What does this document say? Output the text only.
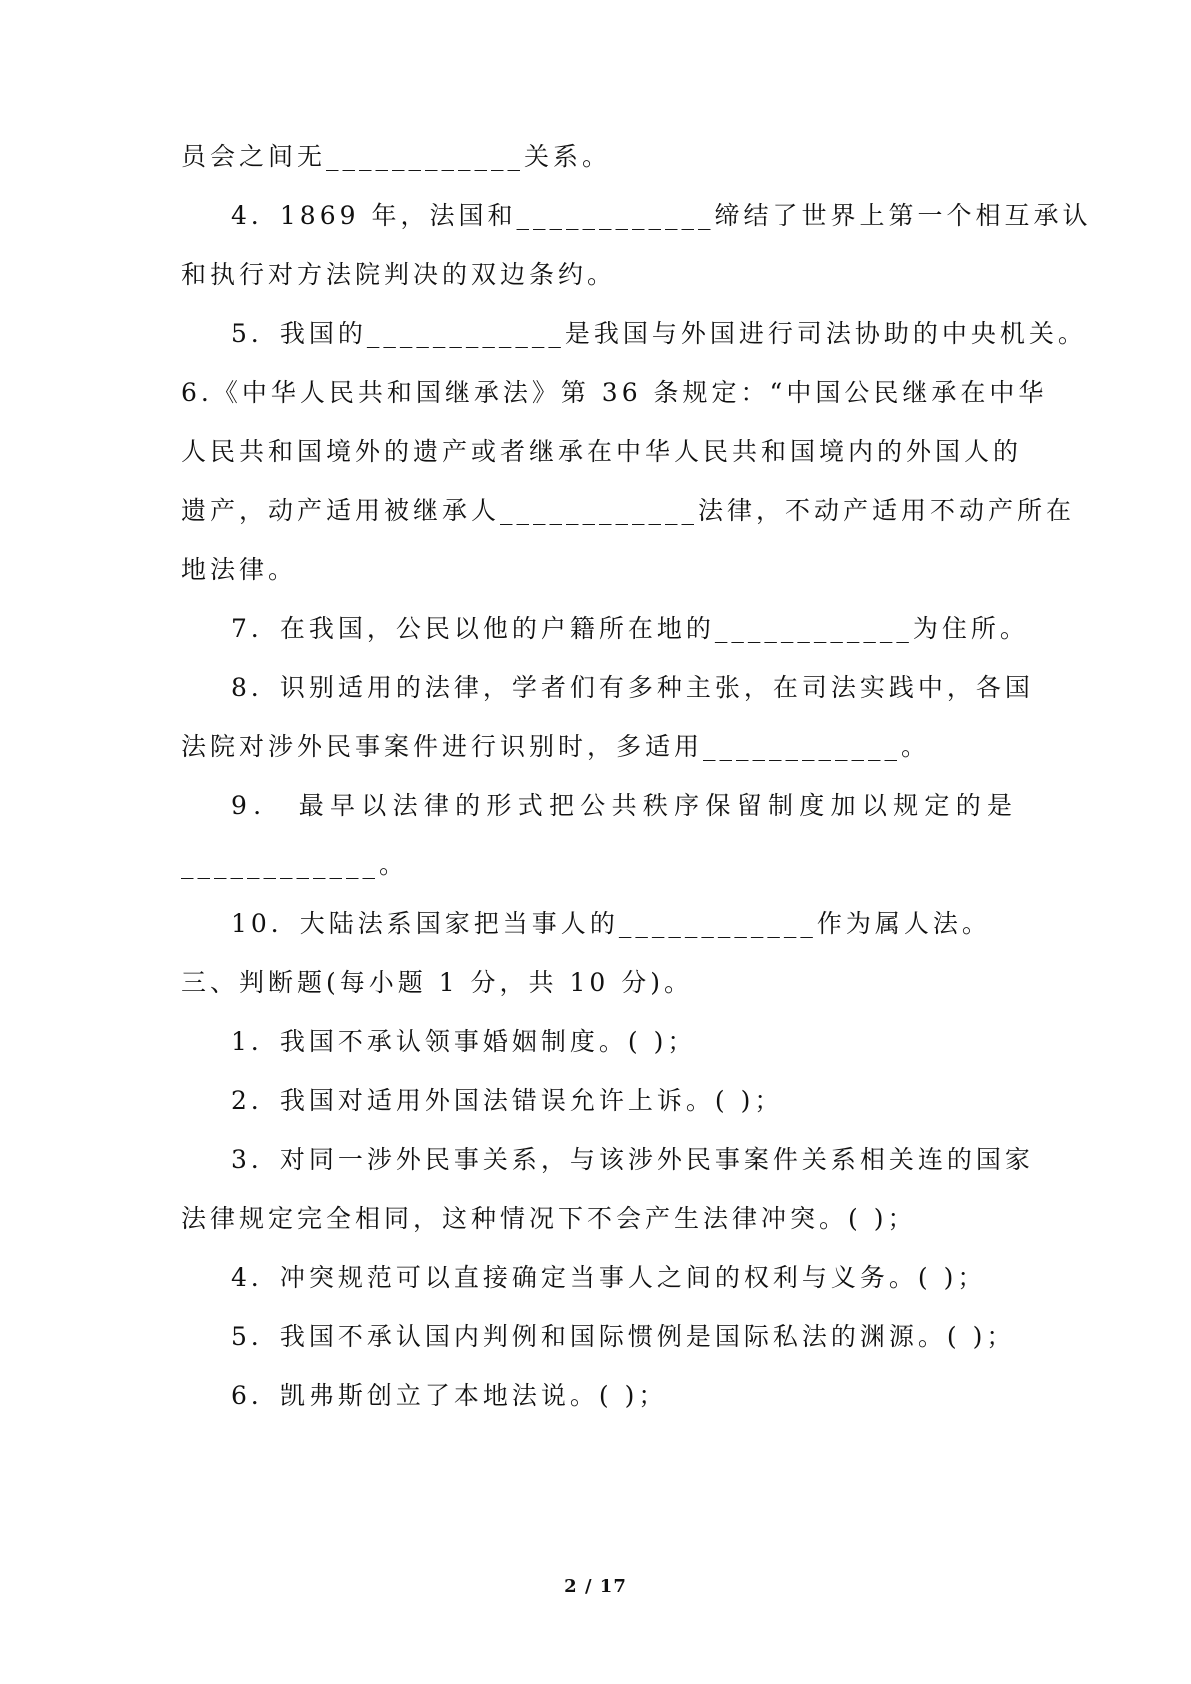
员会之间无____________关系。
4．1869 年，法国和____________缔结了世界上第一个相互承认
和执行对方法院判决的双边条约。
5．我国的____________是我国与外国进行司法协助的中央机关。
6.《中华人民共和国继承法》第 36 条规定：“中国公民继承在中华
人民共和国境外的遗产或者继承在中华人民共和国境内的外国人的
遗产，动产适用被继承人____________法律，不动产适用不动产所在
地法律。
7．在我国，公民以他的户籍所在地的____________为住所。
8．识别适用的法律，学者们有多种主张，在司法实践中，各国
法院对涉外民事案件进行识别时，多适用____________。
9． 最早以法律的形式把公共秩序保留制度加以规定的是
____________。
10．大陆法系国家把当事人的____________作为属人法。
三、判断题(每小题 1 分，共 10 分)。
1．我国不承认领事婚姻制度。( )；
2．我国对适用外国法错误允许上诉。( )；
3．对同一涉外民事关系，与该涉外民事案件关系相关连的国家
法律规定完全相同，这种情况下不会产生法律冲突。( )；
4．冲突规范可以直接确定当事人之间的权利与义务。( )；
5．我国不承认国内判例和国际惯例是国际私法的渊源。( )；
6．凯弗斯创立了本地法说。( )；
2 / 17
